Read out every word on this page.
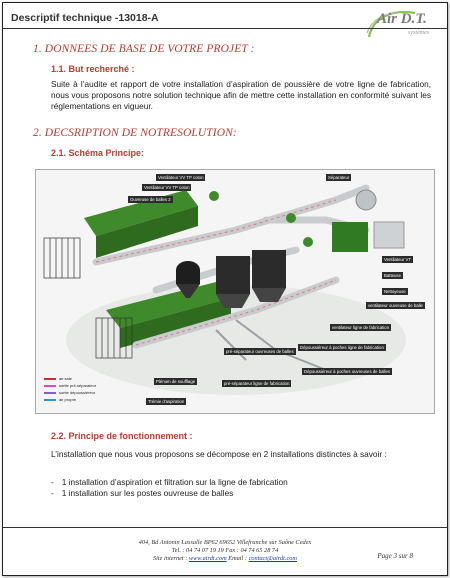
Descriptif technique -13018-A	Air D.T.
systèmes
1. DONNEES DE BASE DE VOTRE PROJET :
1.1. But recherché :
Suite à l’audite et rapport de votre installation d’aspiration de poussière de votre ligne de fabrication, nous vous proposons notre solution technique afin de mettre cette installation en conformité suivant les réglementations en vigueur.
2. DECSRIPTION DE NOTRESOLUTION:
2.1. Schéma Principe:
Ventilateur VV TP coton
Ventilateur VV TP coton
Ouvreuse de balles 2
Séparateur
Ventilateur VT
Batteuse
Nettoyeuse
ventilateur ouvreuse de balle
ventilateur ligne de fabrication
pré-séparateur ouvreuses de balles
Dépoussiéreur à poches ligne de fabrication
Dépoussiéreur à poches ouvreuses de balles
Plénum de soufflage	pré-séparateur ligne de fabrication
Trémie d'aspiration
air sale
sortie pré-séparateur
sortie dépoussiéreur
air propre
2.2. Principe de fonctionnement :
L’installation que nous vous proposons se décompose en 2 installations distinctes à savoir :
- 1 installation d’aspiration et filtration sur la ligne de fabrication
- 1 installation sur les postes ouvreuse de balles
404, Bd Antonin Lassalle BP62 69652 Villefranche sur Saône Cedex
Tel. : 04 74 07 19 19 Fax : 04 74 65 28 74
Site internet : www.airdt.com Email : contact@airdt.com	Page 3 sur 8
